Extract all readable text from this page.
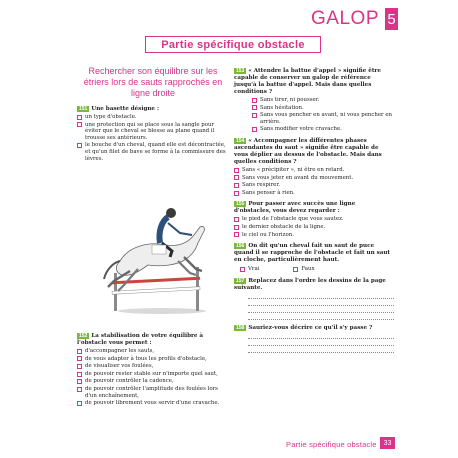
GALOP 5
Partie spécifique obstacle
Rechercher son équilibre sur les étriers lors de sauts rapprochés en ligne droite
151 Une basette désigne :
un type d'obstacle.
une protection qui se place sous la sangle pour éviter que le cheval se blesse au plane quand il trousse ses antérieurs.
le bouche d'un cheval, quand elle est décontractée, et qu'un filet de bave se forme à la commissure des lèvres.
152 La stabilisation de votre équilibre à l'obstacle vous permet :
d'accompagner les sauts,
de vous adapter à tous les profils d'obstacle,
de visualiser vos foulées,
de pouvoir rester stable sur n'importe quel saut,
de pouvoir contrôler la cadence,
de pouvoir contrôler l'amplitude des foulées lors d'un enchaînement,
de pouvoir librement vous servir d'une cravache.
153 « Attendre la battue d'appel » signifie être capable de conserver un galop de référence jusqu'à la battue d'appel. Mais dans quelles conditions ?
Sans tirer, ni pousser.
Sans hésitation.
Sans vous pencher en avant, ni vous pencher en arrière.
Sans modifier votre cravache.
154 « Accompagner les différentes phases ascendantes du saut » signifie être capable de vous déplier au dessus de l'obstacle. Mais dans quelles conditions ?
Sans « précipiter », ni être en retard.
Sans vous jeter en avant du mouvement.
Sans respirer.
Sans penser à rien.
155 Pour passer avec succès une ligne d'obstacles, vous devez regarder :
le pied de l'obstacle que vous sautez.
le dernier obstacle de la ligne.
le ciel ou l'horizon.
156 On dit qu'un cheval fait un saut de puce quand il se rapproche de l'obstacle et fait un saut en cloche, particulièrement haut.
Vrai	Faux
157 Replacez dans l'ordre les dessins de la page suivante.
158 Sauriez-vous décrire ce qu'il s'y passe ?
Partie spécifique obstacle 33
